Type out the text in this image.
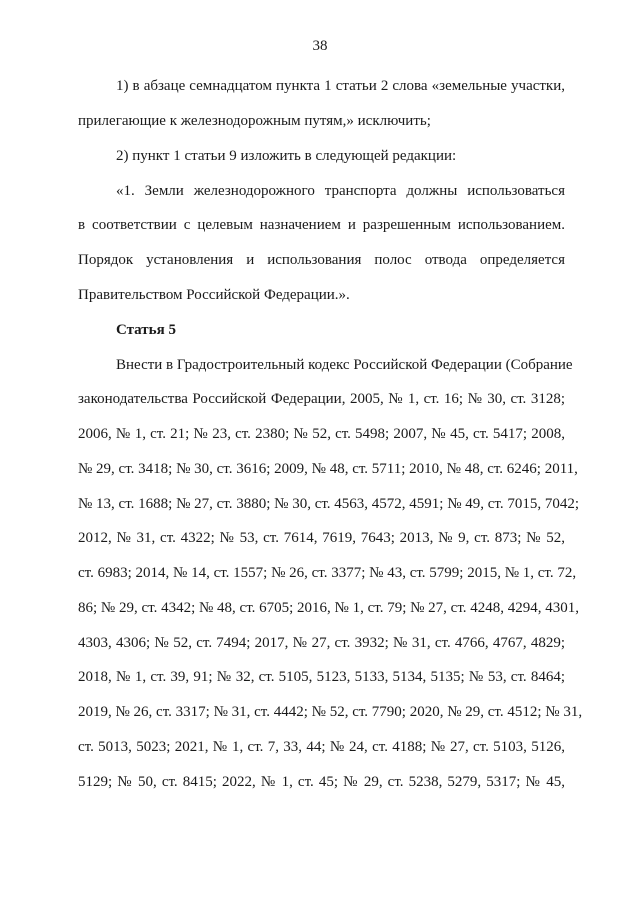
38
1) в абзаце семнадцатом пункта 1 статьи 2 слова «земельные участки,
прилегающие к железнодорожным путям,» исключить;
2) пункт 1 статьи 9 изложить в следующей редакции:
«1. Земли железнодорожного транспорта должны использоваться
в соответствии с целевым назначением и разрешенным использованием.
Порядок установления и использования полос отвода определяется
Правительством Российской Федерации.».
Статья 5
Внести в Градостроительный кодекс Российской Федерации (Собрание
законодательства Российской Федерации, 2005, № 1, ст. 16; № 30, ст. 3128;
2006, № 1, ст. 21; № 23, ст. 2380; № 52, ст. 5498; 2007, № 45, ст. 5417; 2008,
№ 29, ст. 3418; № 30, ст. 3616; 2009, № 48, ст. 5711; 2010, № 48, ст. 6246; 2011,
№ 13, ст. 1688; № 27, ст. 3880; № 30, ст. 4563, 4572, 4591; № 49, ст. 7015, 7042;
2012, № 31, ст. 4322; № 53, ст. 7614, 7619, 7643; 2013, № 9, ст. 873; № 52,
ст. 6983; 2014, № 14, ст. 1557; № 26, ст. 3377; № 43, ст. 5799; 2015, № 1, ст. 72,
86; № 29, ст. 4342; № 48, ст. 6705; 2016, № 1, ст. 79; № 27, ст. 4248, 4294, 4301,
4303, 4306; № 52, ст. 7494; 2017, № 27, ст. 3932; № 31, ст. 4766, 4767, 4829;
2018, № 1, ст. 39, 91; № 32, ст. 5105, 5123, 5133, 5134, 5135; № 53, ст. 8464;
2019, № 26, ст. 3317; № 31, ст. 4442; № 52, ст. 7790; 2020, № 29, ст. 4512; № 31,
ст. 5013, 5023; 2021, № 1, ст. 7, 33, 44; № 24, ст. 4188; № 27, ст. 5103, 5126,
5129; № 50, ст. 8415; 2022, № 1, ст. 45; № 29, ст. 5238, 5279, 5317; № 45,
